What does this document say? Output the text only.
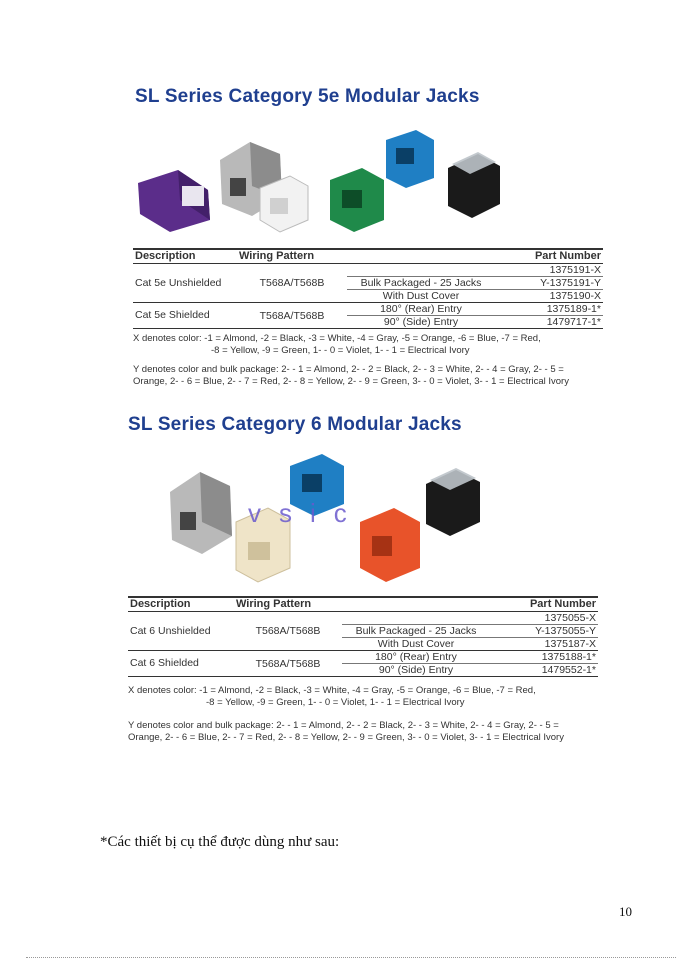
SL Series Category 5e Modular Jacks
Description	Wiring Pattern		Part Number
Cat 5e Unshielded	T568A/T568B		1375191-X
		Bulk Packaged - 25 Jacks	Y-1375191-Y
		With Dust Cover	1375190-X
Cat 5e Shielded	T568A/T568B	180° (Rear) Entry	1375189-1*
		90° (Side) Entry	1479717-1*
X denotes color: -1 = Almond, -2 = Black, -3 = White, -4 = Gray, -5 = Orange, -6 = Blue, -7 = Red,
-8 = Yellow, -9 = Green, 1- - 0 = Violet, 1- - 1 = Electrical Ivory
Y denotes color and bulk package: 2- - 1 = Almond, 2- - 2 = Black, 2- - 3 = White, 2- - 4 = Gray, 2- - 5 =
Orange, 2- - 6 = Blue, 2- - 7 = Red, 2- - 8 = Yellow, 2- - 9 = Green, 3- - 0 = Violet, 3- - 1 = Electrical Ivory
SL Series Category 6 Modular Jacks
vsic
Description	Wiring Pattern		Part Number
Cat 6 Unshielded	T568A/T568B		1375055-X
		Bulk Packaged - 25 Jacks	Y-1375055-Y
		With Dust Cover	1375187-X
Cat 6 Shielded	T568A/T568B	180° (Rear) Entry	1375188-1*
		90° (Side) Entry	1479552-1*
X denotes color: -1 = Almond, -2 = Black, -3 = White, -4 = Gray, -5 = Orange, -6 = Blue, -7 = Red,
-8 = Yellow, -9 = Green, 1- - 0 = Violet, 1- - 1 = Electrical Ivory
Y denotes color and bulk package: 2- - 1 = Almond, 2- - 2 = Black, 2- - 3 = White, 2- - 4 = Gray, 2- - 5 =
Orange, 2- - 6 = Blue, 2- - 7 = Red, 2- - 8 = Yellow, 2- - 9 = Green, 3- - 0 = Violet, 3- - 1 = Electrical Ivory
*Các thiết bị cụ thể được dùng như sau:
10
